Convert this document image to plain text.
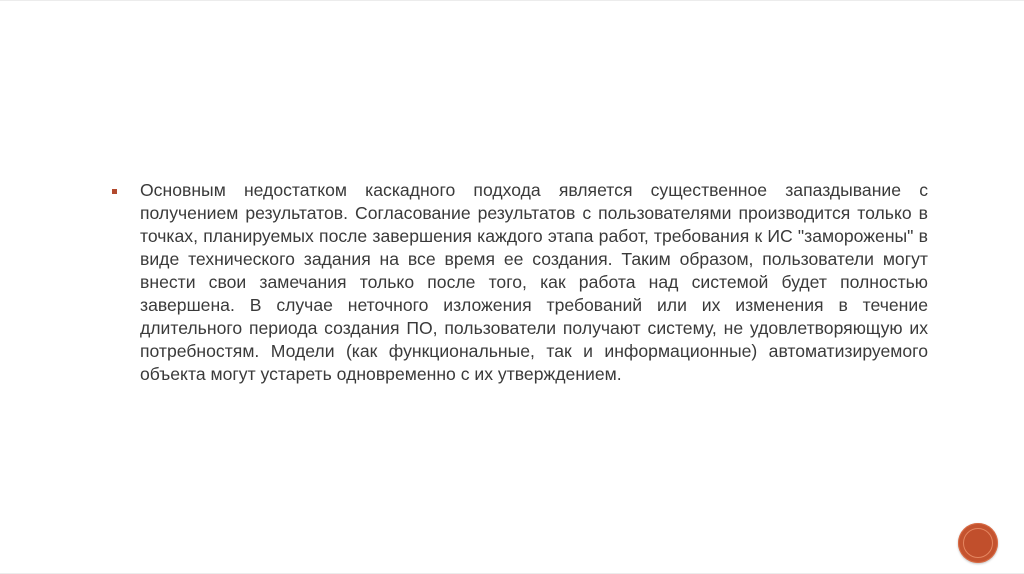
Основным недостатком каскадного подхода является существенное запаздывание с получением результатов. Согласование результатов с пользователями производится только в точках, планируемых после завершения каждого этапа работ, требования к ИС "заморожены" в виде технического задания на все время ее создания. Таким образом, пользователи могут внести свои замечания только после того, как работа над системой будет полностью завершена. В случае неточного изложения требований или их изменения в течение длительного периода создания ПО, пользователи получают систему, не удовлетворяющую их потребностям. Модели (как функциональные, так и информационные) автоматизируемого объекта могут устареть одновременно с их утверждением.
